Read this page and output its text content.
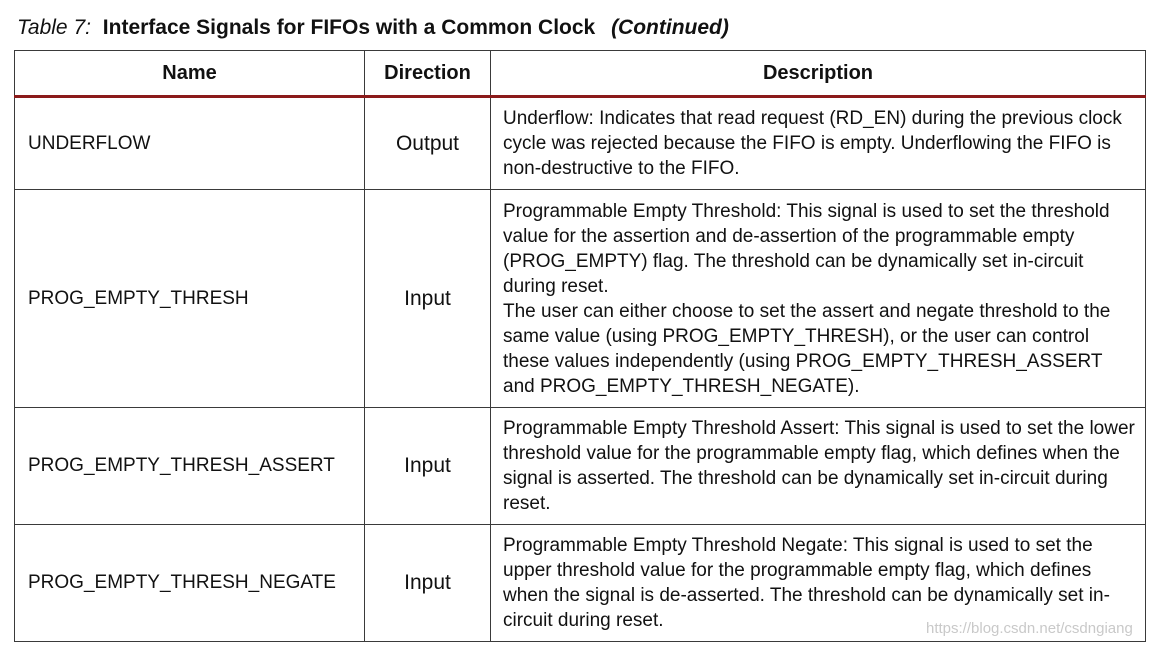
Table 7: Interface Signals for FIFOs with a Common Clock (Continued)
Name	Direction	Description
UNDERFLOW	Output	Underflow: Indicates that read request (RD_EN) during the previous clock cycle was rejected because the FIFO is empty. Underflowing the FIFO is non-destructive to the FIFO.

PROG_EMPTY_THRESH	Input	Programmable Empty Threshold: This signal is used to set the threshold value for the assertion and de-assertion of the programmable empty (PROG_EMPTY) flag. The threshold can be dynamically set in-circuit during reset.
The user can either choose to set the assert and negate threshold to the same value (using PROG_EMPTY_THRESH), or the user can control these values independently (using PROG_EMPTY_THRESH_ASSERT and PROG_EMPTY_THRESH_NEGATE).

PROG_EMPTY_THRESH_ASSERT	Input	Programmable Empty Threshold Assert: This signal is used to set the lower threshold value for the programmable empty flag, which defines when the signal is asserted. The threshold can be dynamically set in-circuit during reset.

PROG_EMPTY_THRESH_NEGATE	Input	Programmable Empty Threshold Negate: This signal is used to set the upper threshold value for the programmable empty flag, which defines when the signal is de-asserted. The threshold can be dynamically set in-circuit during reset.	https://blog.csdn.net/csdngiang
